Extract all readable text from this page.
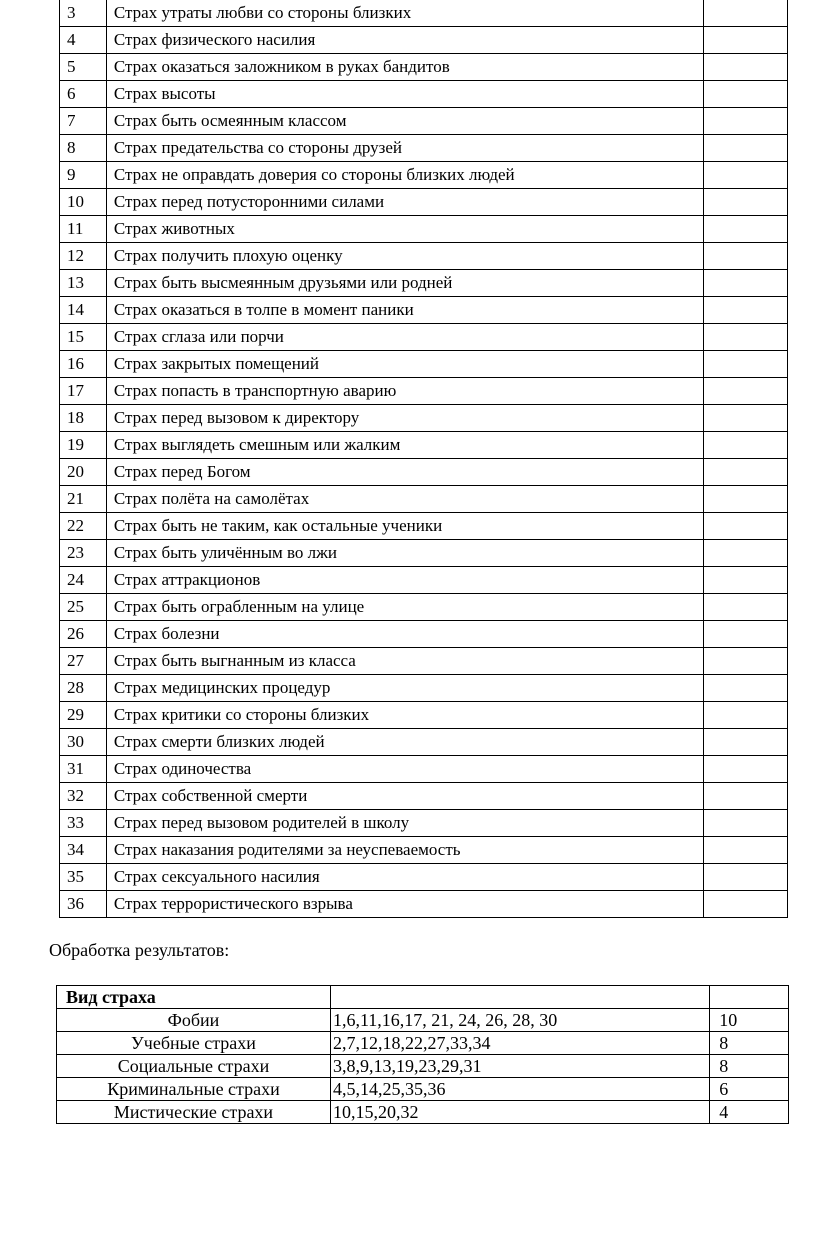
3	Страх утраты любви со стороны близких	
4	Страх физического насилия	
5	Страх оказаться заложником в руках бандитов	
6	Страх высоты	
7	Страх быть осмеянным классом	
8	Страх предательства со стороны друзей	
9	Страх не оправдать доверия со стороны близких людей	
10	Страх перед потусторонними силами	
11	Страх животных	
12	Страх получить плохую оценку	
13	Страх быть высмеянным друзьями или родней	
14	Страх оказаться в толпе в момент паники	
15	Страх сглаза или порчи	
16	Страх закрытых помещений	
17	Страх попасть в транспортную аварию	
18	Страх перед вызовом к директору	
19	Страх выглядеть смешным или жалким	
20	Страх перед Богом	
21	Страх полёта на самолётах	
22	Страх быть не таким, как остальные ученики	
23	Страх быть уличённым во лжи	
24	Страх аттракционов	
25	Страх быть ограбленным на улице	
26	Страх болезни	
27	Страх быть выгнанным из класса	
28	Страх медицинских процедур	
29	Страх критики со стороны близких	
30	Страх смерти близких людей	
31	Страх одиночества	
32	Страх собственной смерти	
33	Страх перед вызовом родителей в школу	
34	Страх наказания родителями за неуспеваемость	
35	Страх сексуального насилия	
36	Страх террористического взрыва	
Обработка результатов:
Вид страха		
Фобии	1,6,11,16,17, 21, 24, 26, 28, 30	10
Учебные страхи	2,7,12,18,22,27,33,34	8
Социальные страхи	3,8,9,13,19,23,29,31	8
Криминальные страхи	4,5,14,25,35,36	6
Мистические страхи	10,15,20,32	4
